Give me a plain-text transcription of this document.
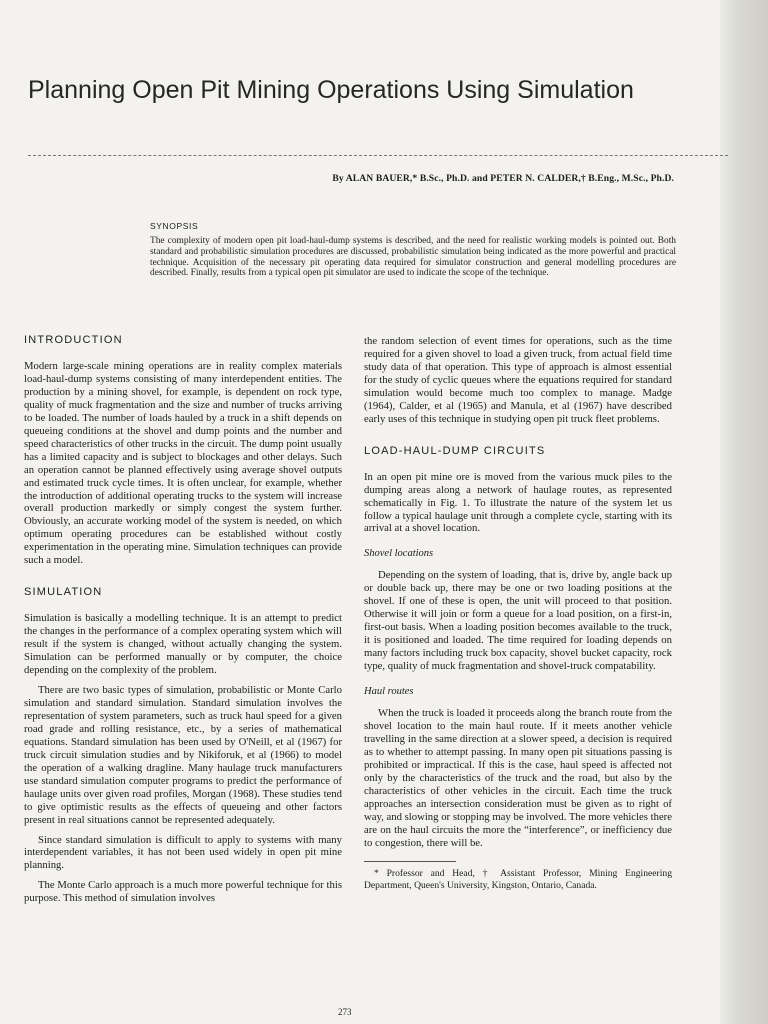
Planning Open Pit Mining Operations Using Simulation
By ALAN BAUER,* B.Sc., Ph.D. and PETER N. CALDER,† B.Eng., M.Sc., Ph.D.
SYNOPSIS

The complexity of modern open pit load-haul-dump systems is described, and the need for realistic working models is pointed out. Both standard and probabilistic simulation procedures are discussed, probabilistic simulation being indicated as the more powerful and practical technique. Acquisition of the necessary pit operating data required for simulator construction and general modelling procedures are described. Finally, results from a typical open pit simulator are used to indicate the scope of the technique.

INTRODUCTION

Modern large-scale mining operations are in reality complex materials load-haul-dump systems consisting of many interdependent entities. The production by a mining shovel, for example, is dependent on rock type, quality of muck fragmentation and the size and number of trucks arriving to be loaded. The number of loads hauled by a truck in a shift depends on queueing conditions at the shovel and dump points and the number and speed characteristics of other trucks in the circuit. The dump point usually has a limited capacity and is subject to blockages and other delays. Such an operation cannot be planned effectively using average shovel outputs and estimated truck cycle times. It is often unclear, for example, whether the introduction of additional operating trucks to the system will increase overall production markedly or simply congest the system further. Obviously, an accurate working model of the system is needed, on which optimum operating procedures can be established without costly experimentation in the operating mine. Simulation techniques can provide such a model.

SIMULATION

Simulation is basically a modelling technique. It is an attempt to predict the changes in the performance of a complex operating system which will result if the system is changed, without actually changing the system. Simulation can be performed manually or by computer, the choice depending on the complexity of the problem.

There are two basic types of simulation, probabilistic or Monte Carlo simulation and standard simulation. Standard simulation involves the representation of system parameters, such as truck haul speed for a given road grade and rolling resistance, etc., by a series of mathematical equations. Standard simulation has been used by O'Neill, et al (1967) for truck circuit simulation studies and by Nikiforuk, et al (1966) to model the operation of a walking dragline. Many haulage truck manufacturers use standard simulation computer programs to predict the performance of haulage units over given road profiles, Morgan (1968). These studies tend to give optimistic results as the effects of queueing and other factors present in real situations cannot be represented adequately.

Since standard simulation is difficult to apply to systems with many interdependent variables, it has not been used widely in open pit mine planning.

The Monte Carlo approach is a much more powerful technique for this purpose. This method of simulation involves

the random selection of event times for operations, such as the time required for a given shovel to load a given truck, from actual field time study data of that operation. This type of approach is almost essential for the study of cyclic queues where the equations required for standard simulation would become much too complex to manage. Madge (1964), Calder, et al (1965) and Manula, et al (1967) have described early uses of this technique in studying open pit truck fleet problems.

LOAD-HAUL-DUMP CIRCUITS

In an open pit mine ore is moved from the various muck piles to the dumping areas along a network of haulage routes, as represented schematically in Fig. 1. To illustrate the nature of the system let us follow a typical haulage unit through a complete cycle, starting with its arrival at a shovel location.

Shovel locations

Depending on the system of loading, that is, drive by, angle back up or double back up, there may be one or two loading positions at the shovel. If one of these is open, the unit will proceed to that position. Otherwise it will join or form a queue for a load position, on a first-in, first-out basis. When a loading position becomes available to the truck, it is positioned and loaded. The time required for loading depends on many factors including truck box capacity, shovel bucket capacity, rock type, quality of muck fragmentation and shovel-truck compatability.

Haul routes

When the truck is loaded it proceeds along the branch route from the shovel location to the main haul route. If it meets another vehicle travelling in the same direction at a slower speed, a decision is required as to whether to attempt passing. In many open pit situations passing is prohibited or impractical. If this is the case, haul speed is affected not only by the characteristics of the truck and the road, but also by the characteristics of other vehicles in the circuit. Each time the truck approaches an intersection consideration must be given as to right of way, and slowing or stopping may be involved. The more vehicles there are on the haul circuits the more the “interference”, or inefficiency due to congestion, there will be.

* Professor and Head, † Assistant Professor, Mining Engineering Department, Queen's University, Kingston, Ontario, Canada.

273
